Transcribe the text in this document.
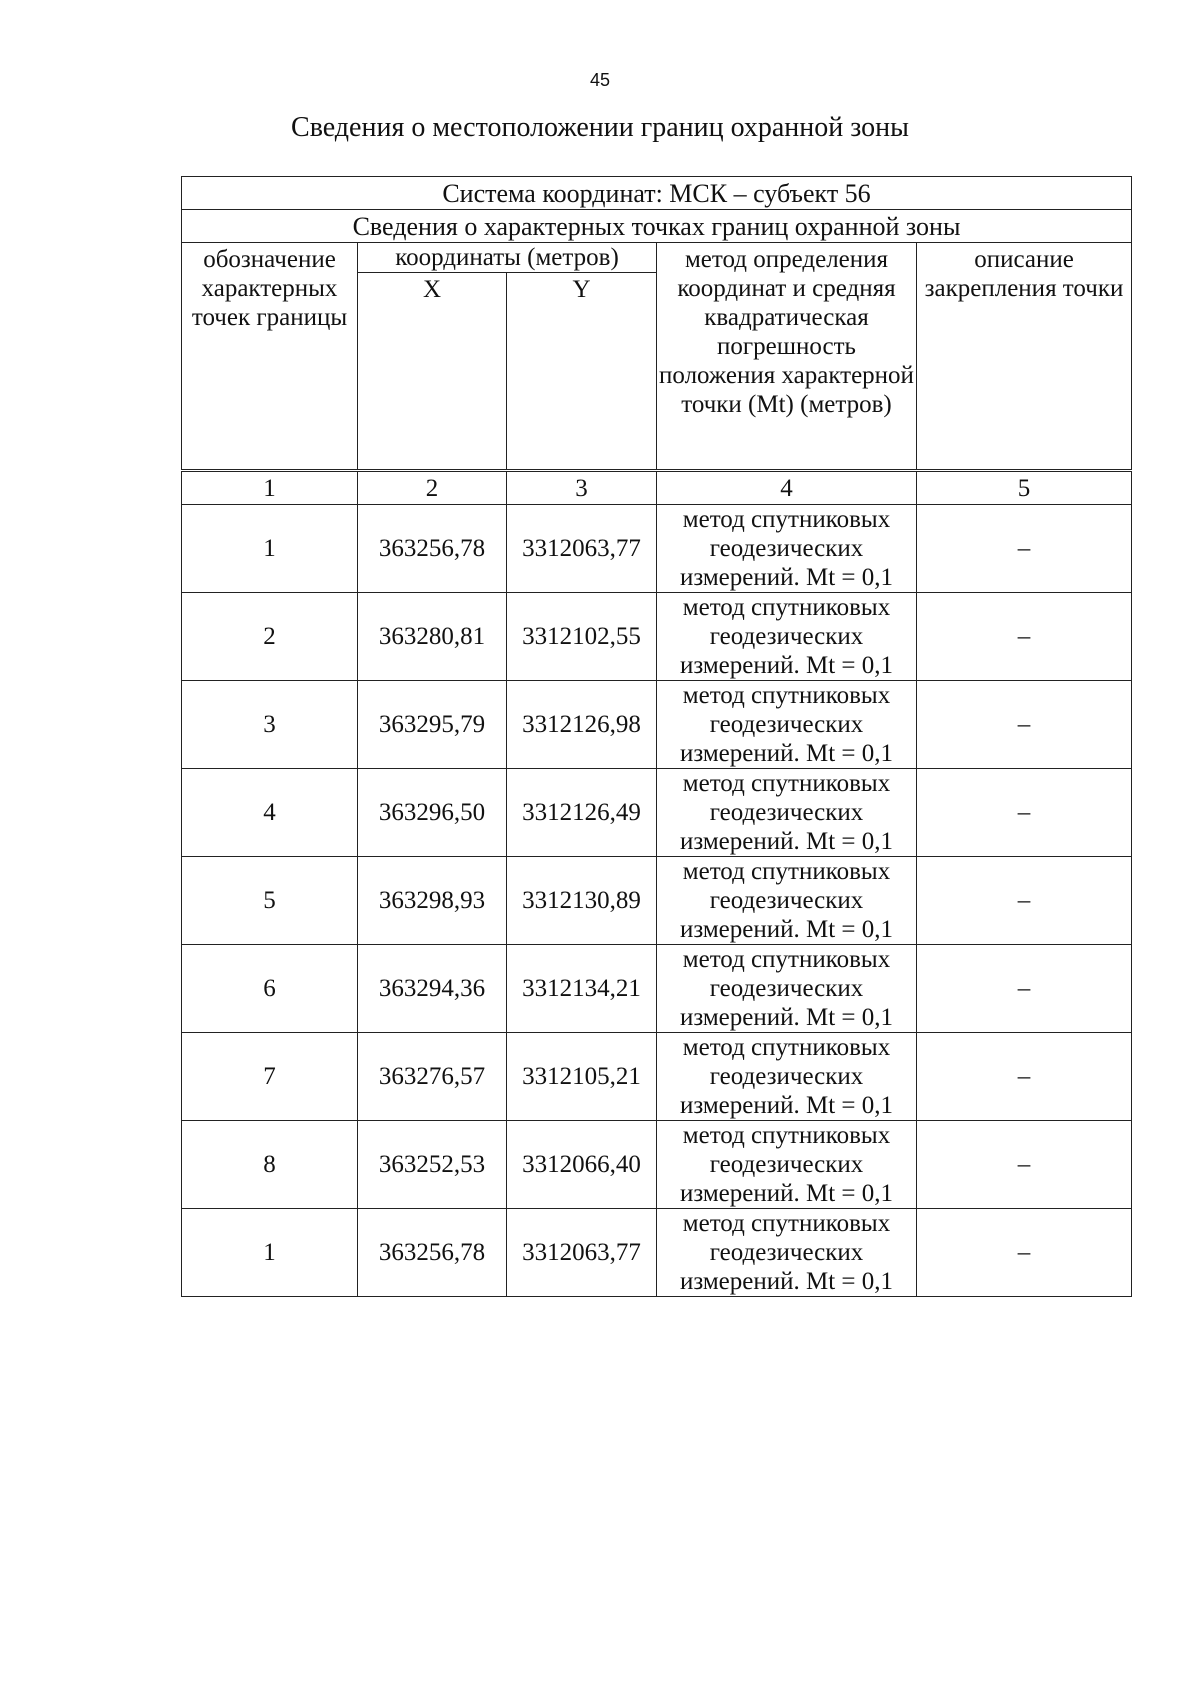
45
Сведения о местоположении границ охранной зоны
Система координат: МСК – субъект 56				
Сведения о характерных точках границ охранной зоны				
обозначение характерных точек границы	координаты (метров)		метод определения координат и средняя квадратическая погрешность положения характерной точки (Mt) (метров)	описание закрепления точки
	X	Y		
1	2	3	4	5
1	363256,78	3312063,77	метод спутниковых геодезических измерений. Mt = 0,1	–
2	363280,81	3312102,55	метод спутниковых геодезических измерений. Mt = 0,1	–
3	363295,79	3312126,98	метод спутниковых геодезических измерений. Mt = 0,1	–
4	363296,50	3312126,49	метод спутниковых геодезических измерений. Mt = 0,1	–
5	363298,93	3312130,89	метод спутниковых геодезических измерений. Mt = 0,1	–
6	363294,36	3312134,21	метод спутниковых геодезических измерений. Mt = 0,1	–
7	363276,57	3312105,21	метод спутниковых геодезических измерений. Mt = 0,1	–
8	363252,53	3312066,40	метод спутниковых геодезических измерений. Mt = 0,1	–
1	363256,78	3312063,77	метод спутниковых геодезических измерений. Mt = 0,1	–
